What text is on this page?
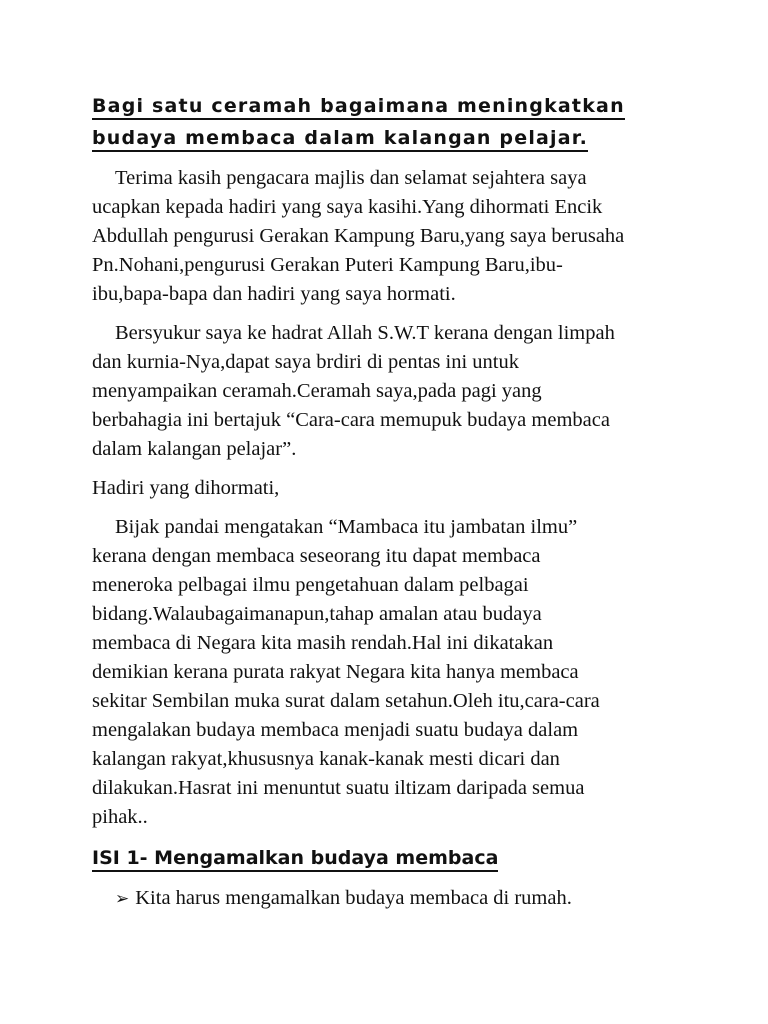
Bagi satu ceramah bagaimana meningkatkan
budaya membaca dalam kalangan pelajar.
Terima kasih pengacara majlis dan selamat sejahtera saya
ucapkan kepada hadiri yang saya kasihi.Yang dihormati Encik
Abdullah pengurusi Gerakan Kampung Baru,yang saya berusaha
Pn.Nohani,pengurusi Gerakan Puteri Kampung Baru,ibu-
ibu,bapa-bapa dan hadiri yang saya hormati.
Bersyukur saya ke hadrat Allah S.W.T kerana dengan limpah
dan kurnia-Nya,dapat saya brdiri di pentas ini untuk
menyampaikan ceramah.Ceramah saya,pada pagi yang
berbahagia ini bertajuk “Cara-cara memupuk budaya membaca
dalam kalangan pelajar”.
Hadiri yang dihormati,
Bijak pandai mengatakan “Mambaca itu jambatan ilmu”
kerana dengan membaca seseorang itu dapat membaca
meneroka pelbagai ilmu pengetahuan dalam pelbagai
bidang.Walaubagaimanapun,tahap amalan atau budaya
membaca di Negara kita masih rendah.Hal ini dikatakan
demikian kerana purata rakyat Negara kita hanya membaca
sekitar Sembilan muka surat dalam setahun.Oleh itu,cara-cara
mengalakan budaya membaca menjadi suatu budaya dalam
kalangan rakyat,khususnya kanak-kanak mesti dicari dan
dilakukan.Hasrat ini menuntut suatu iltizam daripada semua
pihak..
ISI 1- Mengamalkan budaya membaca
➢ Kita harus mengamalkan budaya membaca di rumah.
